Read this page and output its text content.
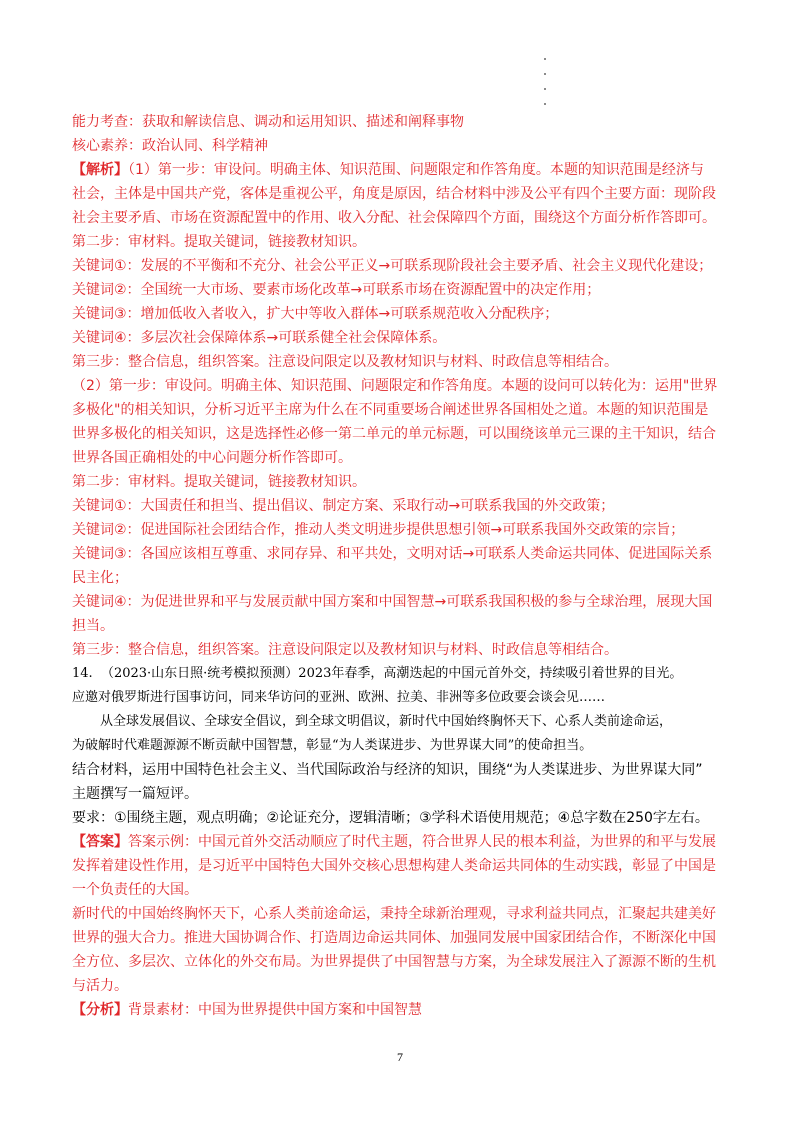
能力考查：获取和解读信息、调动和运用知识、描述和阐释事物
核心素养：政治认同、科学精神
【解析】（1）第一步：审设问。明确主体、知识范围、问题限定和作答角度。本题的知识范围是经济与
社会，主体是中国共产党，客体是重视公平，角度是原因，结合材料中涉及公平有四个主要方面：现阶段
社会主要矛盾、市场在资源配置中的作用、收入分配、社会保障四个方面，围绕这个方面分析作答即可。
第二步：审材料。提取关键词，链接教材知识。
关键词①：发展的不平衡和不充分、社会公平正义→可联系现阶段社会主要矛盾、社会主义现代化建设；
关键词②：全国统一大市场、要素市场化改革→可联系市场在资源配置中的决定作用；
关键词③：增加低收入者收入，扩大中等收入群体→可联系规范收入分配秩序；
关键词④：多层次社会保障体系→可联系健全社会保障体系。
第三步：整合信息，组织答案。注意设问限定以及教材知识与材料、时政信息等相结合。
（2）第一步：审设问。明确主体、知识范围、问题限定和作答角度。本题的设问可以转化为：运用"世界
多极化"的相关知识，分析习近平主席为什么在不同重要场合阐述世界各国相处之道。本题的知识范围是
世界多极化的相关知识，这是选择性必修一第二单元的单元标题，可以围绕该单元三课的主干知识，结合
世界各国正确相处的中心问题分析作答即可。
第二步：审材料。提取关键词，链接教材知识。
关键词①：大国责任和担当、提出倡议、制定方案、采取行动→可联系我国的外交政策；
关键词②：促进国际社会团结合作，推动人类文明进步提供思想引领→可联系我国外交政策的宗旨；
关键词③：各国应该相互尊重、求同存异、和平共处，文明对话→可联系人类命运共同体、促进国际关系
民主化；
关键词④：为促进世界和平与发展贡献中国方案和中国智慧→可联系我国积极的参与全球治理，展现大国
担当。
第三步：整合信息，组织答案。注意设问限定以及教材知识与材料、时政信息等相结合。
14. （2023·山东日照·统考模拟预测）2023年春季，高潮迭起的中国元首外交，持续吸引着世界的目光。
应邀对俄罗斯进行国事访问，同来华访问的亚洲、欧洲、拉美、非洲等多位政要会谈会见……
从全球发展倡议、全球安全倡议，到全球文明倡议，新时代中国始终胸怀天下、心系人类前途命运，
为破解时代难题源源不断贡献中国智慧，彰显“为人类谋进步、为世界谋大同”的使命担当。
结合材料，运用中国特色社会主义、当代国际政治与经济的知识，围绕“为人类谋进步、为世界谋大同”
主题撰写一篇短评。
要求：①围绕主题，观点明确；②论证充分，逻辑清晰；③学科术语使用规范；④总字数在250字左右。
【答案】答案示例：中国元首外交活动顺应了时代主题，符合世界人民的根本利益，为世界的和平与发展
发挥着建设性作用，是习近平中国特色大国外交核心思想构建人类命运共同体的生动实践，彰显了中国是
一个负责任的大国。
新时代的中国始终胸怀天下，心系人类前途命运，秉持全球新治理观，寻求利益共同点，汇聚起共建美好
世界的强大合力。推进大国协调合作、打造周边命运共同体、加强同发展中国家团结合作，不断深化中国
全方位、多层次、立体化的外交布局。为世界提供了中国智慧与方案，为全球发展注入了源源不断的生机
与活力。
【分析】背景素材：中国为世界提供中国方案和中国智慧
7
